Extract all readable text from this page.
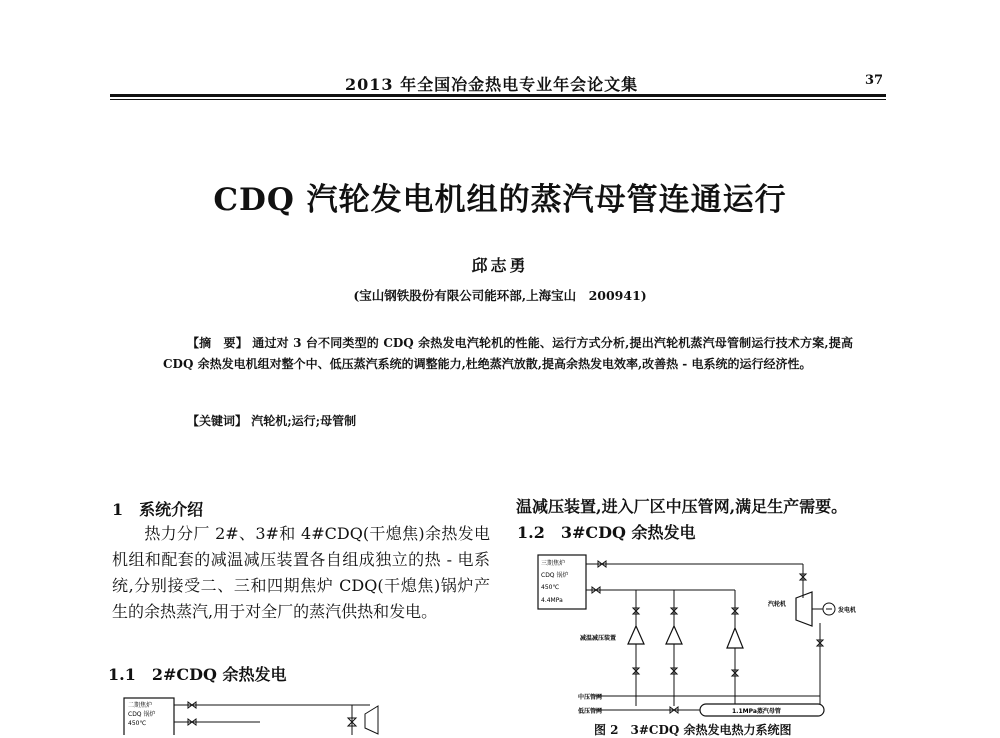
2013 年全国冶金热电专业年会论文集	37
CDQ 汽轮发电机组的蒸汽母管连通运行
邱志勇
(宝山钢铁股份有限公司能环部,上海宝山　200941)
【摘　要】 通过对 3 台不同类型的 CDQ 余热发电汽轮机的性能、运行方式分析,提出汽轮机蒸汽母管制运行技术方案,提高 CDQ 余热发电机组对整个中、低压蒸汽系统的调整能力,杜绝蒸汽放散,提高余热发电效率,改善热 - 电系统的运行经济性。
【关键词】 汽轮机;运行;母管制
1　系统介绍
热力分厂 2#、3#和 4#CDQ(干熄焦)余热发电机组和配套的减温减压装置各自组成独立的热 - 电系统,分别接受二、三和四期焦炉 CDQ(干熄焦)锅炉产生的余热蒸汽,用于对全厂的蒸汽供热和发电。
1.1　2#CDQ 余热发电
二期焦炉
CDQ 锅炉
450℃
温减压装置,进入厂区中压管网,满足生产需要。
1.2　3#CDQ 余热发电
三期焦炉
CDQ 锅炉
450℃
4.4MPa
汽轮机
发电机
减温减压装置
中压管网
低压管网	1.1MPa蒸汽母管
图 2　3#CDQ 余热发电热力系统图
